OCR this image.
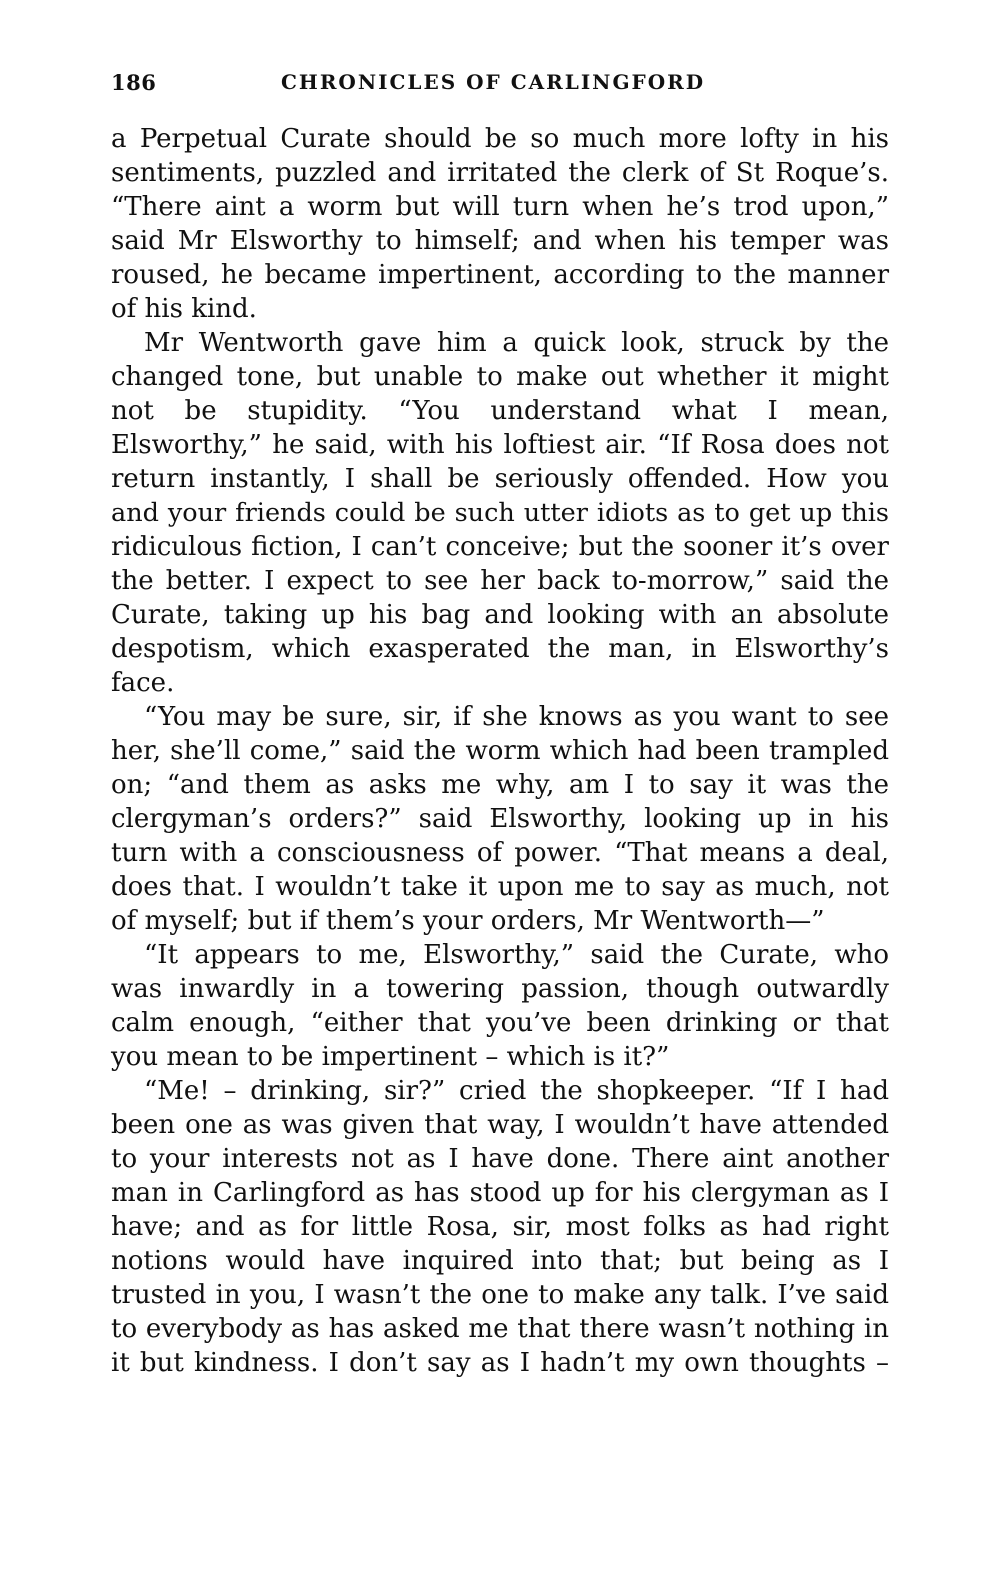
186	CHRONICLES OF CARLINGFORD
a Perpetual Curate should be so much more lofty in his
sentiments, puzzled and irritated the clerk of St Roque’s.
“There aint a worm but will turn when he’s trod upon,”
said Mr Elsworthy to himself; and when his temper was
roused, he became impertinent, according to the manner
of his kind.
Mr Wentworth gave him a quick look, struck by the
changed tone, but unable to make out whether it might
not be stupidity. “You understand what I mean,
Elsworthy,” he said, with his loftiest air. “If Rosa does not
return instantly, I shall be seriously offended. How you
and your friends could be such utter idiots as to get up this
ridiculous fiction, I can’t conceive; but the sooner it’s over
the better. I expect to see her back to-morrow,” said the
Curate, taking up his bag and looking with an absolute
despotism, which exasperated the man, in Elsworthy’s
face.
“You may be sure, sir, if she knows as you want to see
her, she’ll come,” said the worm which had been trampled
on; “and them as asks me why, am I to say it was the
clergyman’s orders?” said Elsworthy, looking up in his
turn with a consciousness of power. “That means a deal,
does that. I wouldn’t take it upon me to say as much, not
of myself; but if them’s your orders, Mr Wentworth—”
“It appears to me, Elsworthy,” said the Curate, who
was inwardly in a towering passion, though outwardly
calm enough, “either that you’ve been drinking or that
you mean to be impertinent – which is it?”
“Me! – drinking, sir?” cried the shopkeeper. “If I had
been one as was given that way, I wouldn’t have attended
to your interests not as I have done. There aint another
man in Carlingford as has stood up for his clergyman as I
have; and as for little Rosa, sir, most folks as had right
notions would have inquired into that; but being as I
trusted in you, I wasn’t the one to make any talk. I’ve said
to everybody as has asked me that there wasn’t nothing in
it but kindness. I don’t say as I hadn’t my own thoughts –
